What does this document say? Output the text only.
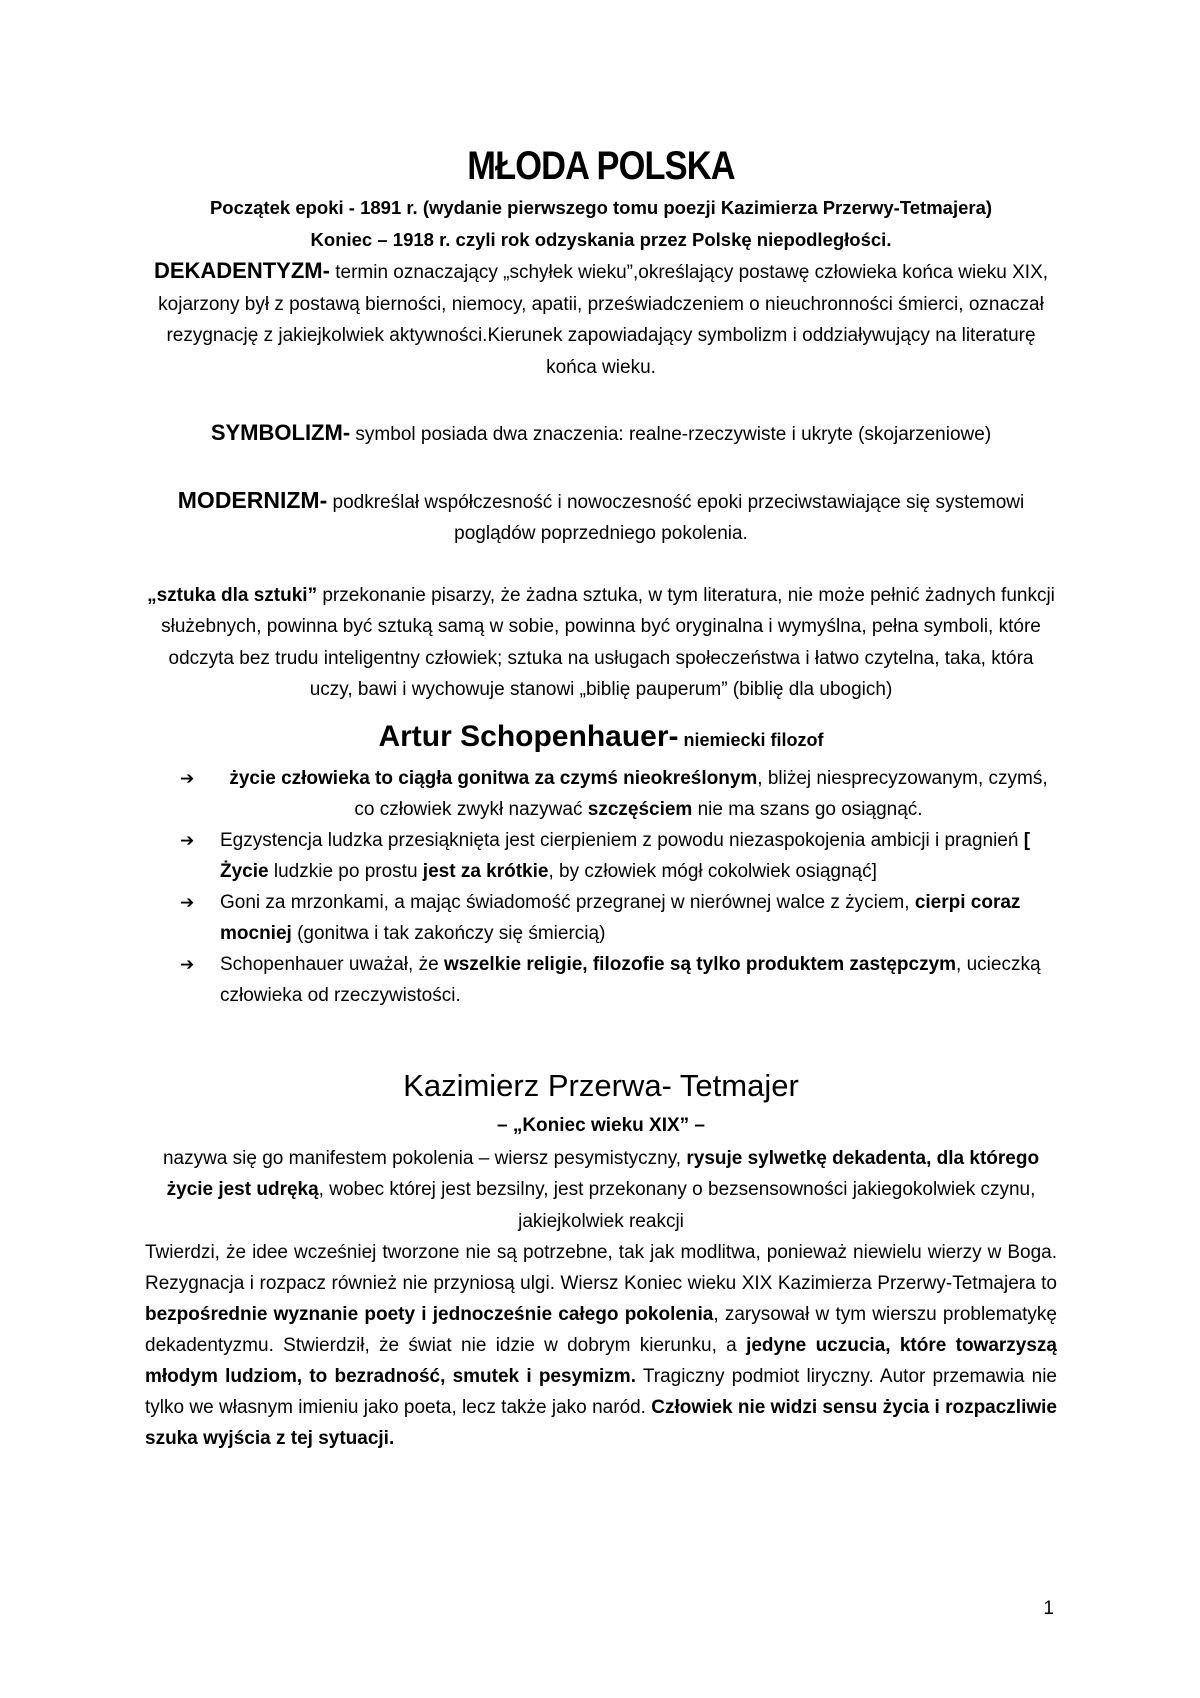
MŁODA POLSKA

Początek epoki - 1891 r. (wydanie pierwszego tomu poezji Kazimierza Przerwy-Tetmajera)

Koniec – 1918 r. czyli rok odzyskania przez Polskę niepodległości.

DEKADENTYZM- termin oznaczający „schyłek wieku”,określający postawę człowieka końca wieku XIX, kojarzony był z postawą bierności, niemocy, apatii, przeświadczeniem o nieuchronności śmierci, oznaczał rezygnację z jakiejkolwiek aktywności.Kierunek zapowiadający symbolizm i oddziaływujący na literaturę końca wieku.

SYMBOLIZM- symbol posiada dwa znaczenia: realne-rzeczywiste i ukryte (skojarzeniowe)

MODERNIZM- podkreślał współczesność i nowoczesność epoki przeciwstawiające się systemowi poglądów poprzedniego pokolenia.

„sztuka dla sztuki” przekonanie pisarzy, że żadna sztuka, w tym literatura, nie może pełnić żadnych funkcji służebnych, powinna być sztuką samą w sobie, powinna być oryginalna i wymyślna, pełna symboli, które odczyta bez trudu inteligentny człowiek; sztuka na usługach społeczeństwa i łatwo czytelna, taka, która uczy, bawi i wychowuje stanowi „biblię pauperum” (biblię dla ubogich)

Artur Schopenhauer- niemiecki filozof
➔ życie człowieka to ciągła gonitwa za czymś nieokreślonym, bliżej niesprecyzowanym, czymś, co człowiek zwykł nazywać szczęściem nie ma szans go osiągnąć.
➔ Egzystencja ludzka przesiąknięta jest cierpieniem z powodu niezaspokojenia ambicji i pragnień [ Życie ludzkie po prostu jest za krótkie, by człowiek mógł cokolwiek osiągnąć]
➔ Goni za mrzonkami, a mając świadomość przegranej w nierównej walce z życiem, cierpi coraz mocniej (gonitwa i tak zakończy się śmiercią)
➔ Schopenhauer uważał, że wszelkie religie, filozofie są tylko produktem zastępczym, ucieczką człowieka od rzeczywistości.
Kazimierz Przerwa- Tetmajer

– „Koniec wieku XIX” –

nazywa się go manifestem pokolenia – wiersz pesymistyczny, rysuje sylwetkę dekadenta, dla którego życie jest udręką, wobec której jest bezsilny, jest przekonany o bezsensowności jakiegokolwiek czynu, jakiejkolwiek reakcji

Twierdzi, że idee wcześniej tworzone nie są potrzebne, tak jak modlitwa, ponieważ niewielu wierzy w Boga. Rezygnacja i rozpacz również nie przyniosą ulgi. Wiersz Koniec wieku XIX Kazimierza Przerwy-Tetmajera to bezpośrednie wyznanie poety i jednocześnie całego pokolenia, zarysował w tym wierszu problematykę dekadentyzmu. Stwierdził, że świat nie idzie w dobrym kierunku, a jedyne uczucia, które towarzyszą młodym ludziom, to bezradność, smutek i pesymizm. Tragiczny podmiot liryczny. Autor przemawia nie tylko we własnym imieniu jako poeta, lecz także jako naród. Człowiek nie widzi sensu życia i rozpaczliwie szuka wyjścia z tej sytuacji.

1
